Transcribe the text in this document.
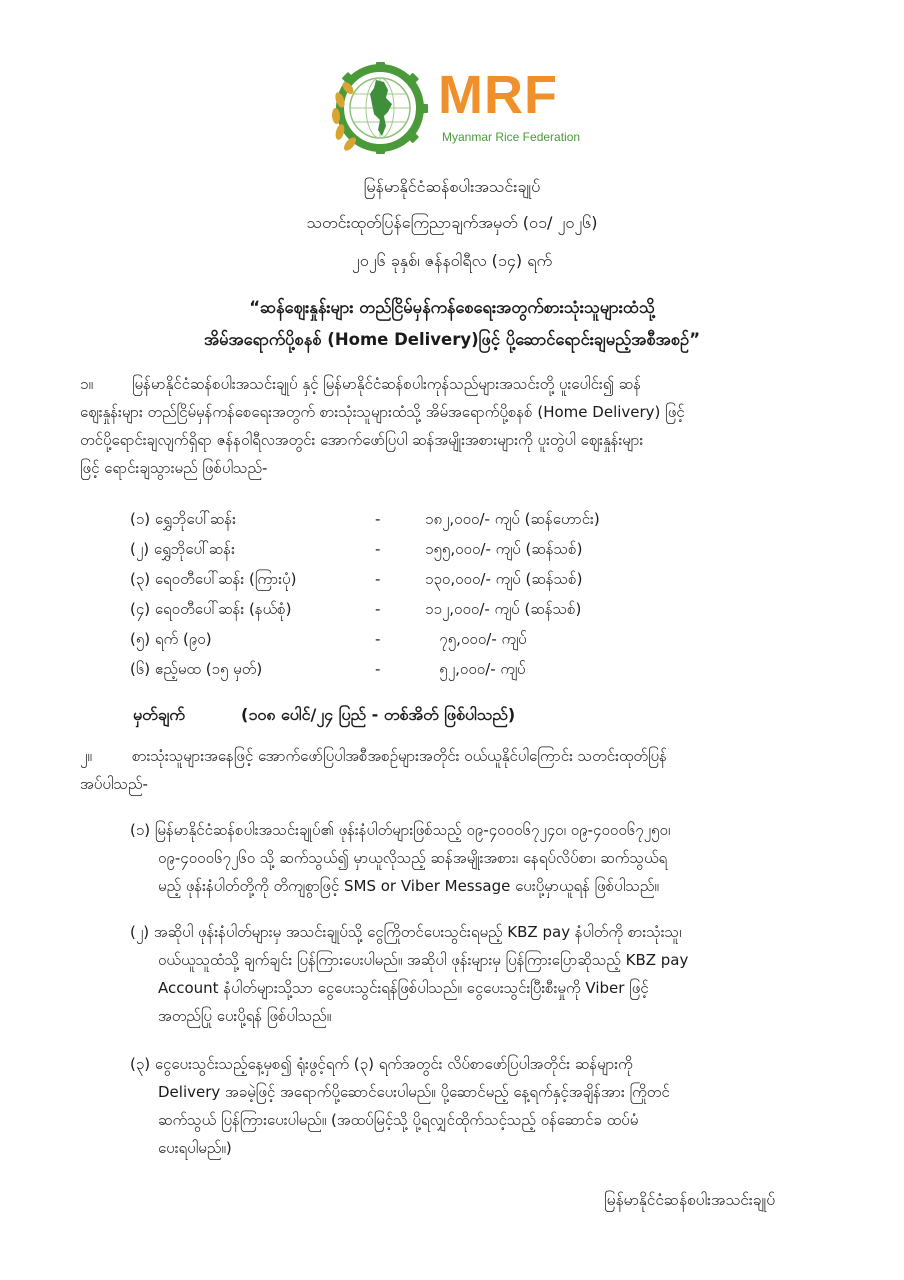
MRF
Myanmar Rice Federation
မြန်မာနိုင်ငံဆန်စပါးအသင်းချုပ်
သတင်းထုတ်ပြန်ကြေညာချက်အမှတ် (၀၁/ ၂၀၂၆)
၂၀၂၆ ခုနှစ်၊ ဇန်နဝါရီလ (၁၄) ရက်
“ဆန်ဈေးနှုန်းများ တည်ငြိမ်မှန်ကန်စေရေးအတွက်စားသုံးသူများထံသို့
အိမ်အရောက်ပို့စနစ် (Home Delivery)ဖြင့် ပို့ဆောင်ရောင်းချမည့်အစီအစဉ်”
၁။	မြန်မာနိုင်ငံဆန်စပါးအသင်းချုပ် နှင့် မြန်မာနိုင်ငံဆန်စပါးကုန်သည်များအသင်းတို့ ပူးပေါင်း၍ ဆန်
ဈေးနှုန်းများ တည်ငြိမ်မှန်ကန်စေရေးအတွက် စားသုံးသူများထံသို့ အိမ်အရောက်ပို့စနစ် (Home Delivery) ဖြင့်
တင်ပို့ရောင်းချလျက်ရှိရာ ဇန်နဝါရီလအတွင်း အောက်ဖော်ပြပါ ဆန်အမျိုးအစားများကို ပူးတွဲပါ ဈေးနှုန်းများ
ဖြင့် ရောင်းချသွားမည် ဖြစ်ပါသည်-
(၁) ရွှေဘိုပေါ်ဆန်း	-	၁၈၂,၀၀၀/- ကျပ် (ဆန်ဟောင်း)
(၂) ရွှေဘိုပေါ်ဆန်း	-	၁၅၅,၀၀၀/- ကျပ် (ဆန်သစ်)
(၃) ရေဝတီပေါ်ဆန်း (ကြားပုံ)	-	၁၃၀,၀၀၀/- ကျပ် (ဆန်သစ်)
(၄) ရေဝတီပေါ်ဆန်း (နယ်စုံ)	-	၁၁၂,၀၀၀/- ကျပ် (ဆန်သစ်)
(၅) ရက် (၉၀)	-	၇၅,၀၀၀/- ကျပ်
(၆) ဧည့်မထ (၁၅ မှတ်)	-	၅၂,၀၀၀/- ကျပ်
မှတ်ချက်	(၁၀၈ ပေါင်/၂၄ ပြည် - တစ်အိတ် ဖြစ်ပါသည်)
၂။	စားသုံးသူများအနေဖြင့် အောက်ဖော်ပြပါအစီအစဉ်များအတိုင်း ဝယ်ယူနိုင်ပါကြောင်း သတင်းထုတ်ပြန်
အပ်ပါသည်-
(၁) မြန်မာနိုင်ငံဆန်စပါးအသင်းချုပ်၏ ဖုန်းနံပါတ်များဖြစ်သည့် ၀၉-၄၀၀၀၆၇၂၄၀၊ ၀၉-၄၀၀၀၆၇၂၅၀၊
၀၉-၄၀၀၀၆၇၂၆၀ သို့ ဆက်သွယ်၍ မှာယူလိုသည့် ဆန်အမျိုးအစား၊ နေရပ်လိပ်စာ၊ ဆက်သွယ်ရ
မည့် ဖုန်းနံပါတ်တို့ကို တိကျစွာဖြင့် SMS or Viber Message ပေးပို့မှာယူရန် ဖြစ်ပါသည်။
(၂) အဆိုပါ ဖုန်းနံပါတ်များမှ အသင်းချုပ်သို့ ငွေကြိုတင်ပေးသွင်းရမည့် KBZ pay နံပါတ်ကို စားသုံးသူ၊
ဝယ်ယူသူထံသို့ ချက်ချင်း ပြန်ကြားပေးပါမည်။ အဆိုပါ ဖုန်းများမှ ပြန်ကြားပြောဆိုသည့် KBZ pay
Account နံပါတ်များသို့သာ ငွေပေးသွင်းရန်ဖြစ်ပါသည်။ ငွေပေးသွင်းပြီးစီးမှုကို Viber ဖြင့်
အတည်ပြု ပေးပို့ရန် ဖြစ်ပါသည်။
(၃) ငွေပေးသွင်းသည့်နေ့မှစ၍ ရုံးဖွင့်ရက် (၃) ရက်အတွင်း လိပ်စာဖော်ပြပါအတိုင်း ဆန်များကို
Delivery အခမဲ့ဖြင့် အရောက်ပို့ဆောင်ပေးပါမည်။ ပို့ဆောင်မည့် နေ့ရက်နှင့်အချိန်အား ကြိုတင်
ဆက်သွယ် ပြန်ကြားပေးပါမည်။ (အထပ်မြင့်သို့ ပို့ရလျှင်ထိုက်သင့်သည့် ဝန်ဆောင်ခ ထပ်မံ
ပေးရပါမည်။)
မြန်မာနိုင်ငံဆန်စပါးအသင်းချုပ်
